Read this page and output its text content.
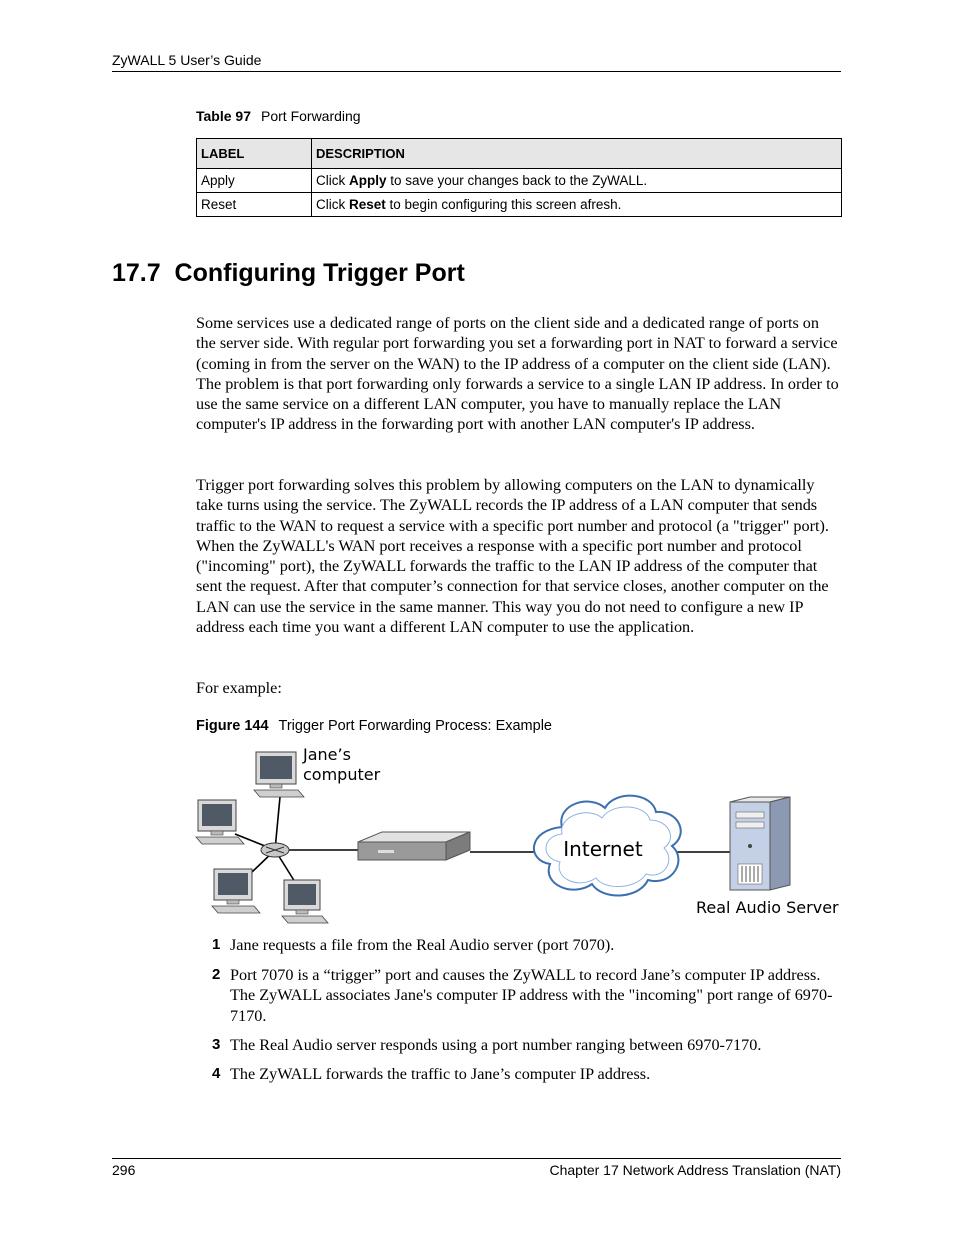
ZyWALL 5 User’s Guide
Table 97 Port Forwarding
LABEL	DESCRIPTION
Apply	Click Apply to save your changes back to the ZyWALL.
Reset	Click Reset to begin configuring this screen afresh.
17.7  Configuring Trigger Port
Some services use a dedicated range of ports on the client side and a dedicated range of ports on the server side. With regular port forwarding you set a forwarding port in NAT to forward a service (coming in from the server on the WAN) to the IP address of a computer on the client side (LAN). The problem is that port forwarding only forwards a service to a single LAN IP address. In order to use the same service on a different LAN computer, you have to manually replace the LAN computer's IP address in the forwarding port with another LAN computer's IP address.
Trigger port forwarding solves this problem by allowing computers on the LAN to dynamically take turns using the service. The ZyWALL records the IP address of a LAN computer that sends traffic to the WAN to request a service with a specific port number and protocol (a "trigger" port). When the ZyWALL's WAN port receives a response with a specific port number and protocol ("incoming" port), the ZyWALL forwards the traffic to the LAN IP address of the computer that sent the request. After that computer’s connection for that service closes, another computer on the LAN can use the service in the same manner. This way you do not need to configure a new IP address each time you want a different LAN computer to use the application.
For example:
Figure 144 Trigger Port Forwarding Process: Example
Jane’s
computer
Internet
Real Audio Server
1 Jane requests a file from the Real Audio server (port 7070).
2 Port 7070 is a “trigger” port and causes the ZyWALL to record Jane’s computer IP address. The ZyWALL associates Jane's computer IP address with the "incoming" port range of 6970-7170.
3 The Real Audio server responds using a port number ranging between 6970-7170.
4 The ZyWALL forwards the traffic to Jane’s computer IP address.
296	Chapter 17 Network Address Translation (NAT)
